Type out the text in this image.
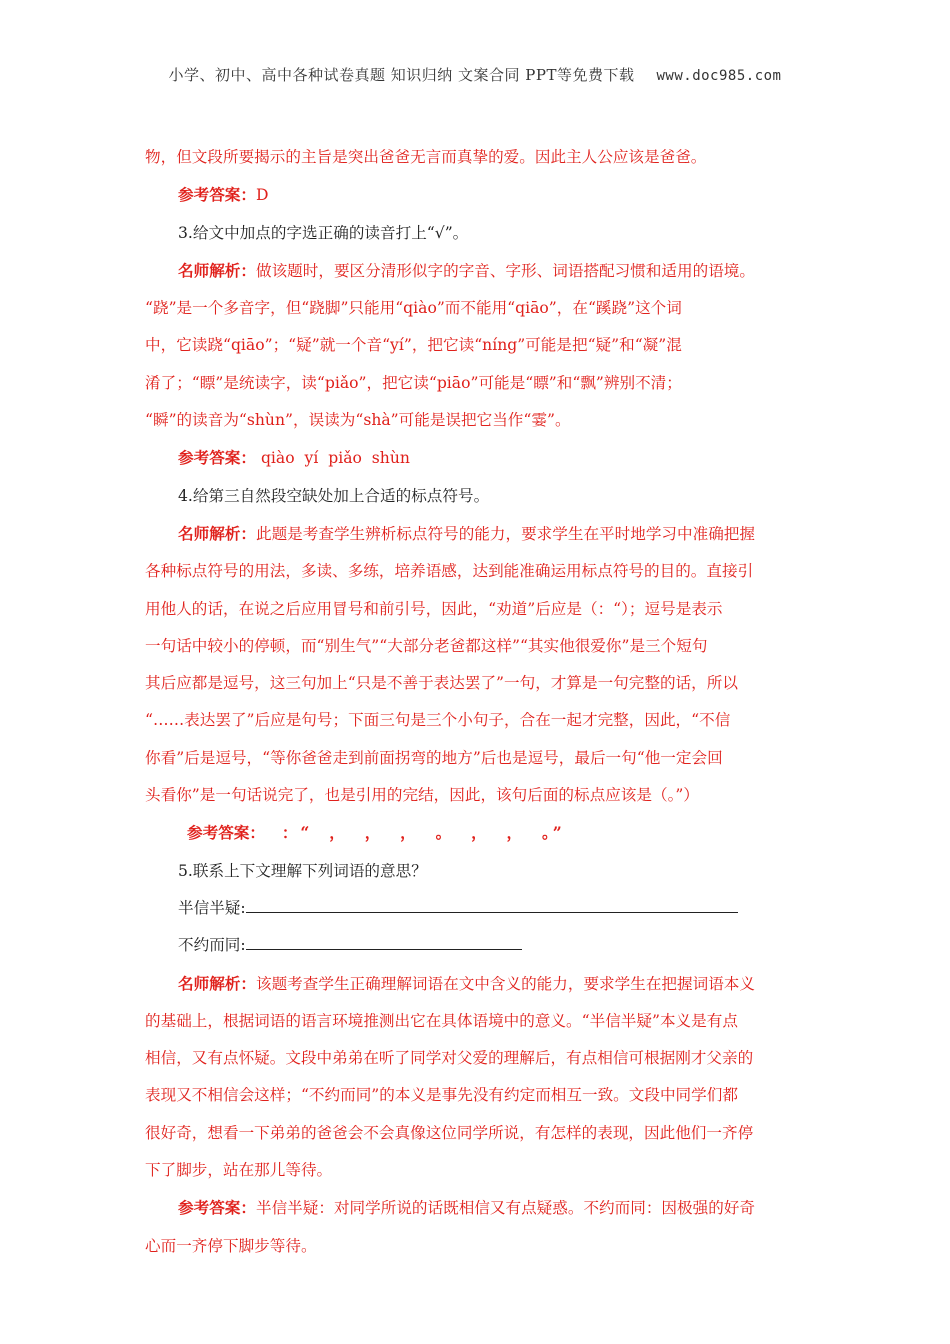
小学、初中、高中各种试卷真题 知识归纳 文案合同 PPT等免费下载 www.doc985.com

物，但文段所要揭示的主旨是突出爸爸无言而真挚的爱。因此主人公应该是爸爸。

参考答案：D

3.给文中加点的字选正确的读音打上“√”。

名师解析：做该题时，要区分清形似字的字音、字形、词语搭配习惯和适用的语境。

“跷”是一个多音字，但“跷脚”只能用“qiào”而不能用“qiāo”，在“蹊跷”这个词

中，它读跷“qiāo”；“疑”就一个音“yí”，把它读“níng”可能是把“疑”和“凝”混

淆了；“瞟”是统读字，读“piǎo”，把它读“piāo”可能是“瞟”和“飘”辨别不清；

“瞬”的读音为“shùn”，误读为“shà”可能是误把它当作“霎”。

参考答案： qiào  yí  piǎo  shùn

4.给第三自然段空缺处加上合适的标点符号。

名师解析：此题是考查学生辨析标点符号的能力，要求学生在平时地学习中准确把握

各种标点符号的用法，多读、多练，培养语感，达到能准确运用标点符号的目的。直接引

用他人的话，在说之后应用冒号和前引号，因此，“劝道”后应是（：“）；逗号是表示

一句话中较小的停顿，而“别生气”“大部分老爸都这样”“其实他很爱你”是三个短句

其后应都是逗号，这三句加上“只是不善于表达罢了”一句，才算是一句完整的话，所以

“……表达罢了”后应是句号；下面三句是三个小句子，合在一起才完整，因此，“不信

你看”后是逗号，“等你爸爸走到前面拐弯的地方”后也是逗号，最后一句“他一定会回

头看你”是一句话说完了，也是引用的完结，因此，该句后面的标点应该是（。”）

参考答案：  ：“  ，  ，  ，  。  ，  ，  。”

5.联系上下文理解下列词语的意思？

半信半疑:

不约而同:

名师解析：该题考查学生正确理解词语在文中含义的能力，要求学生在把握词语本义

的基础上，根据词语的语言环境推测出它在具体语境中的意义。“半信半疑”本义是有点

相信，又有点怀疑。文段中弟弟在听了同学对父爱的理解后，有点相信可根据刚才父亲的

表现又不相信会这样；“不约而同”的本义是事先没有约定而相互一致。文段中同学们都

很好奇，想看一下弟弟的爸爸会不会真像这位同学所说，有怎样的表现，因此他们一齐停

下了脚步，站在那儿等待。

参考答案：半信半疑：对同学所说的话既相信又有点疑惑。不约而同：因极强的好奇

心而一齐停下脚步等待。
